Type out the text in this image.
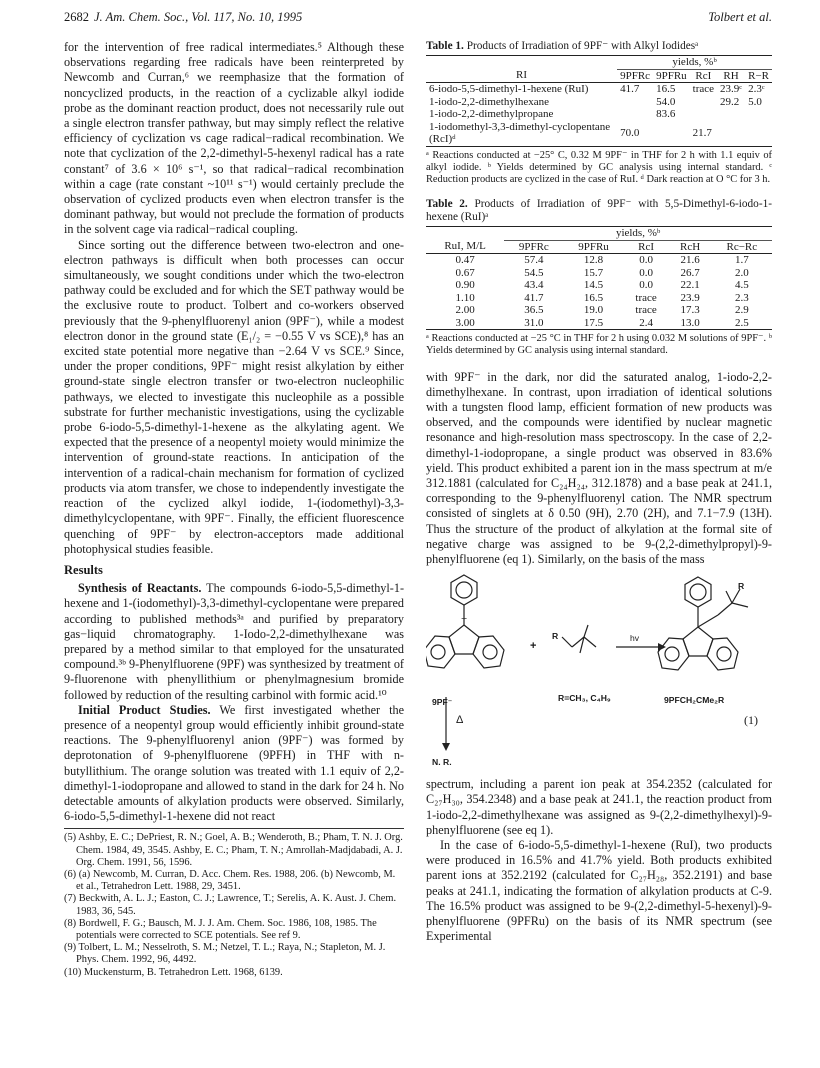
2682 J. Am. Chem. Soc., Vol. 117, No. 10, 1995	Tolbert et al.

for the intervention of free radical intermediates.⁵ Although these observations regarding free radicals have been reinterpreted by Newcomb and Curran,⁶ we reemphasize that the formation of noncyclized products, in the reaction of a cyclizable alkyl iodide probe as the dominant reaction product, does not necessarily rule out a single electron transfer pathway, but may simply reflect the relative efficiency of cyclization vs cage radical−radical recombination. We note that cyclization of the 2,2-dimethyl-5-hexenyl radical has a rate constant⁷ of 3.6 × 10⁶ s⁻¹, so that radical−radical recombination within a cage (rate constant ~10¹¹ s⁻¹) would certainly preclude the observation of cyclized products even when electron transfer is the dominant pathway, but would not preclude the formation of products in the solvent cage via radical−radical coupling.

Since sorting out the difference between two-electron and one-electron pathways is difficult when both processes can occur simultaneously, we sought conditions under which the two-electron pathway could be excluded and for which the SET pathway would be the exclusive route to product. Tolbert and co-workers observed previously that the 9-phenylfluorenyl anion (9PF⁻), while a modest electron donor in the ground state (E₁/₂ = −0.55 V vs SCE),⁸ has an excited state potential more negative than −2.64 V vs SCE.⁹ Since, under the proper conditions, 9PF⁻ might resist alkylation by either ground-state single electron transfer or two-electron nucleophilic pathways, we elected to investigate this nucleophile as a possible substrate for further mechanistic investigations, using the cyclizable probe 6-iodo-5,5-dimethyl-1-hexene as the alkylating agent. We expected that the presence of a neopentyl moiety would minimize the intervention of ground-state reactions. In anticipation of the intervention of a radical-chain mechanism for formation of cyclized products via atom transfer, we chose to independently investigate the reaction of the cyclized alkyl iodide, 1-(iodomethyl)-3,3-dimethylcyclopentane, with 9PF⁻. Finally, the efficient fluorescence quenching of 9PF⁻ by electron-acceptors made additional photophysical studies feasible.

Results

Synthesis of Reactants. The compounds 6-iodo-5,5-dimethyl-1-hexene and 1-(iodomethyl)-3,3-dimethyl-cyclopentane were prepared according to published methods³ᵃ and purified by preparatory gas−liquid chromatography. 1-Iodo-2,2-dimethylhexane was prepared by a method similar to that employed for the unsaturated compound.³ᵇ 9-Phenylfluorene (9PF) was synthesized by treatment of 9-fluorenone with phenyllithium or phenylmagnesium bromide followed by reduction of the resulting carbinol with formic acid.¹⁰

Initial Product Studies. We first investigated whether the presence of a neopentyl group would efficiently inhibit ground-state reactions. The 9-phenylfluorenyl anion (9PF⁻) was formed by deprotonation of 9-phenylfluorene (9PFH) in THF with n-butyllithium. The orange solution was treated with 1.1 equiv of 2,2-dimethyl-1-iodopropane and allowed to stand in the dark for 24 h. No detectable amounts of alkylation products were observed. Similarly, 6-iodo-5,5-dimethyl-1-hexene did not react

(5) Ashby, E. C.; DePriest, R. N.; Goel, A. B.; Wenderoth, B.; Pham, T. N. J. Org. Chem. 1984, 49, 3545. Ashby, E. C.; Pham, T. N.; Amrollah-Madjdabadi, A. J. Org. Chem. 1991, 56, 1596.
(6) (a) Newcomb, M. Curran, D. Acc. Chem. Res. 1988, 206. (b) Newcomb, M. et al., Tetrahedron Lett. 1988, 29, 3451.
(7) Beckwith, A. L. J.; Easton, C. J.; Lawrence, T.; Serelis, A. K. Aust. J. Chem. 1983, 36, 545.
(8) Bordwell, F. G.; Bausch, M. J. J. Am. Chem. Soc. 1986, 108, 1985. The potentials were corrected to SCE potentials. See ref 9.
(9) Tolbert, L. M.; Nesselroth, S. M.; Netzel, T. L.; Raya, N.; Stapleton, M. J. Phys. Chem. 1992, 96, 4492.
(10) Muckensturm, B. Tetrahedron Lett. 1968, 6139.
Table 1. Products of Irradiation of 9PF⁻ with Alkyl Iodidesᵃ
	yields, %ᵇ				
RI	9PFRc	9PFRu	RcI	RH	R−R
6-iodo-5,5-dimethyl-1-hexene (RuI)	41.7	16.5	trace	23.9ᶜ	2.3ᶜ
1-iodo-2,2-dimethylhexane		54.0		29.2	5.0
1-iodo-2,2-dimethylpropane		83.6			
1-iodomethyl-3,3-dimethyl-cyclopentane (RcI)ᵈ	70.0		21.7		
ᵃ Reactions conducted at −25° C, 0.32 M 9PF⁻ in THF for 2 h with 1.1 equiv of alkyl iodide. ᵇ Yields determined by GC analysis using internal standard. ᶜ Reduction products are cyclized in the case of RuI. ᵈ Dark reaction at O °C for 3 h.
Table 2. Products of Irradiation of 9PF⁻ with 5,5-Dimethyl-6-iodo-1-hexene (RuI)ᵃ
	yields, %ᵇ				
RuI, M/L	9PFRc	9PFRu	RcI	RcH	Rc−Rc
0.47	57.4	12.8	0.0	21.6	1.7
0.67	54.5	15.7	0.0	26.7	2.0
0.90	43.4	14.5	0.0	22.1	4.5
1.10	41.7	16.5	trace	23.9	2.3
2.00	36.5	19.0	trace	17.3	2.9
3.00	31.0	17.5	2.4	13.0	2.5
ᵃ Reactions conducted at −25 °C in THF for 2 h using 0.032 M solutions of 9PF⁻. ᵇ Yields determined by GC analysis using internal standard.

with 9PF⁻ in the dark, nor did the saturated analog, 1-iodo-2,2-dimethylhexane. In contrast, upon irradiation of identical solutions with a tungsten flood lamp, efficient formation of new products was observed, and the compounds were identified by nuclear magnetic resonance and high-resolution mass spectroscopy. In the case of 2,2-dimethyl-1-iodopropane, a single product was observed in 83.6% yield. This product exhibited a parent ion in the mass spectrum at m/e 312.1881 (calculated for C₂₄H₂₄, 312.1878) and a base peak at 241.1, corresponding to the 9-phenylfluorenyl cation. The NMR spectrum consisted of singlets at δ 0.50 (9H), 2.70 (2H), and 7.1−7.9 (13H). Thus the structure of the product of alkylation at the formal site of negative charge was assigned to be 9-(2,2-dimethylpropyl)-9-phenylfluorene (eq 1). Similarly, on the basis of the mass

−
9PF⁻
+
R
R=CH₃, C₄H₉
hv
R
9PFCH₂CMe₂R
Δ
N. R.
(1)

spectrum, including a parent ion peak at 354.2352 (calculated for C₂₇H₃₀, 354.2348) and a base peak at 241.1, the reaction product from 1-iodo-2,2-dimethylhexane was assigned as 9-(2,2-dimethylhexyl)-9-phenylfluorene (see eq 1).

In the case of 6-iodo-5,5-dimethyl-1-hexene (RuI), two products were produced in 16.5% and 41.7% yield. Both products exhibited parent ions at 352.2192 (calculated for C₂₇H₂₈, 352.2191) and base peaks at 241.1, indicating the formation of alkylation products at C-9. The 16.5% product was assigned to be 9-(2,2-dimethyl-5-hexenyl)-9-phenylfluorene (9PFRu) on the basis of its NMR spectrum (see Experimental
